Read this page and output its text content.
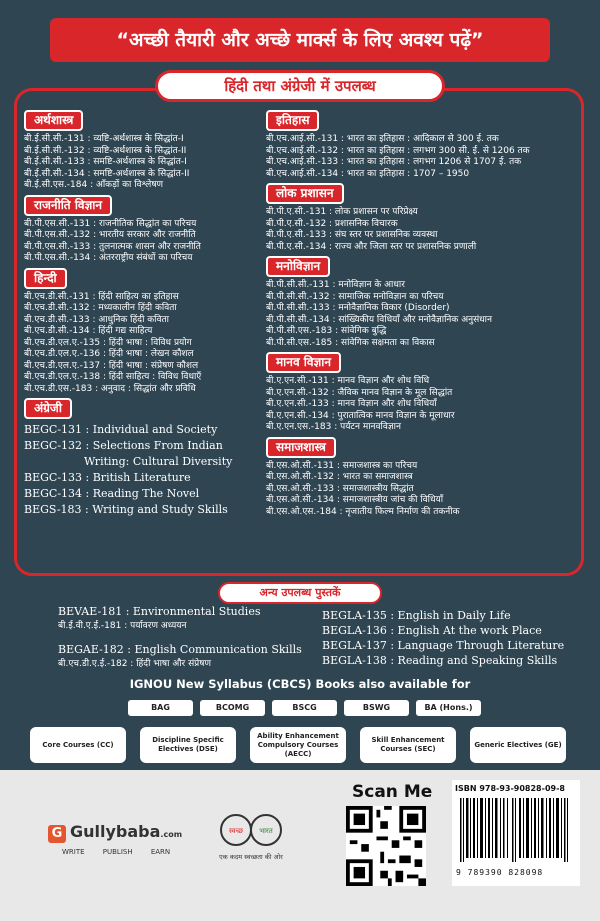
“अच्छी तैयारी और अच्छे मार्क्स के लिए अवश्य पढ़ें”
हिंदी तथा अंग्रेजी में उपलब्ध
अर्थशास्त्र
बी.ई.सी.सी.-131 : व्यष्टि-अर्थशास्त्र के सिद्धांत-I
बी.ई.सी.सी.-132 : व्यष्टि-अर्थशास्त्र के सिद्धांत-II
बी.ई.सी.सी.-133 : समष्टि-अर्थशास्त्र के सिद्धांत-I
बी.ई.सी.सी.-134 : समष्टि-अर्थशास्त्र के सिद्धांत-II
बी.ई.सी.एस.-184 : आँकड़ों का विश्लेषण
राजनीति विज्ञान
बी.पी.एस.सी.-131 : राजनीतिक सिद्धांत का परिचय
बी.पी.एस.सी.-132 : भारतीय सरकार और राजनीति
बी.पी.एस.सी.-133 : तुलनात्मक शासन और राजनीति
बी.पी.एस.सी.-134 : अंतरराष्ट्रीय संबंधों का परिचय
हिन्दी
बी.एच.डी.सी.-131 : हिंदी साहित्य का इतिहास
बी.एच.डी.सी.-132 : मध्यकालीन हिंदी कविता
बी.एच.डी.सी.-133 : आधुनिक हिंदी कविता
बी.एच.डी.सी.-134 : हिंदी गद्य साहित्य
बी.एच.डी.एल.ए.-135 : हिंदी भाषा : विविध प्रयोग
बी.एच.डी.एल.ए.-136 : हिंदी भाषा : लेखन कौशल
बी.एच.डी.एल.ए.-137 : हिंदी भाषा : संप्रेषण कौशल
बी.एच.डी.एल.ए.-138 : हिंदी साहित्य : विविध विधाएँ
बी.एच.डी.एस.-183 : अनुवाद : सिद्धांत और प्रविधि
अंग्रेजी
BEGC-131 : Individual and Society
BEGC-132 : Selections From Indian
Writing: Cultural Diversity
BEGC-133 : British Literature
BEGC-134 : Reading The Novel
BEGS-183 : Writing and Study Skills
इतिहास
बी.एच.आई.सी.-131 : भारत का इतिहास : आदिकाल से 300 ई. तक
बी.एच.आई.सी.-132 : भारत का इतिहास : लगभग 300 सी. ई. से 1206 तक
बी.एच.आई.सी.-133 : भारत का इतिहास : लगभग 1206 से 1707 ई. तक
बी.एच.आई.सी.-134 : भारत का इतिहास : 1707 – 1950
लोक प्रशासन
बी.पी.ए.सी.-131 : लोक प्रशासन पर परिप्रेक्ष्य
बी.पी.ए.सी.-132 : प्रशासनिक विचारक
बी.पी.ए.सी.-133 : संघ स्तर पर प्रशासनिक व्यवस्था
बी.पी.ए.सी.-134 : राज्य और जिला स्तर पर प्रशासनिक प्रणाली
मनोविज्ञान
बी.पी.सी.सी.-131 : मनोविज्ञान के आधार
बी.पी.सी.सी.-132 : सामाजिक मनोविज्ञान का परिचय
बी.पी.सी.सी.-133 : मनोवैज्ञानिक विकार (Disorder)
बी.पी.सी.सी.-134 : सांख्यिकीय विधियाँ और मनोवैज्ञानिक अनुसंधान
बी.पी.सी.एस.-183 : सांवेगिक बुद्धि
बी.पी.सी.एस.-185 : सांवेगिक सक्षमता का विकास
मानव विज्ञान
बी.ए.एन.सी.-131 : मानव विज्ञान और शोध विधि
बी.ए.एन.सी.-132 : जैविक मानव विज्ञान के मूल सिद्धांत
बी.ए.एन.सी.-133 : मानव विज्ञान और शोध विधियाँ
बी.ए.एन.सी.-134 : पुरातात्विक मानव विज्ञान के मूलाधार
बी.ए.एन.एस.-183 : पर्यटन मानवविज्ञान
समाजशास्त्र
बी.एस.ओ.सी.-131 : समाजशास्त्र का परिचय
बी.एस.ओ.सी.-132 : भारत का समाजशास्त्र
बी.एस.ओ.सी.-133 : समाजशास्त्रीय सिद्धांत
बी.एस.ओ.सी.-134 : समाजशास्त्रीय जांच की विधियाँ
बी.एस.ओ.एस.-184 : नृजातीय फिल्म निर्माण की तकनीक
अन्य उपलब्ध पुस्तकें
BEVAE-181 : Environmental Studies
बी.ई.वी.ए.ई.-181 : पर्यावरण अध्ययन
BEGAE-182 : English Communication Skills
बी.एच.डी.ए.ई.-182 : हिंदी भाषा और संप्रेषण
BEGLA-135 : English in Daily Life
BEGLA-136 : English At the work Place
BEGLA-137 : Language Through Literature
BEGLA-138 : Reading and Speaking Skills
IGNOU New Syllabus (CBCS) Books also available for
BAG	BCOMG	BSCG	BSWG	BA (Hons.)
Core Courses (CC)
Discipline Specific Electives (DSE)
Ability Enhancement Compulsory Courses (AECC)
Skill Enhancement Courses (SEC)
Generic Electives (GE)
G Gullybaba.com
WRITE PUBLISH EARN
स्वच्छ भारत
एक कदम स्वच्छता की ओर
Scan Me	ISBN 978-93-90828-09-8
9 789390 828098
